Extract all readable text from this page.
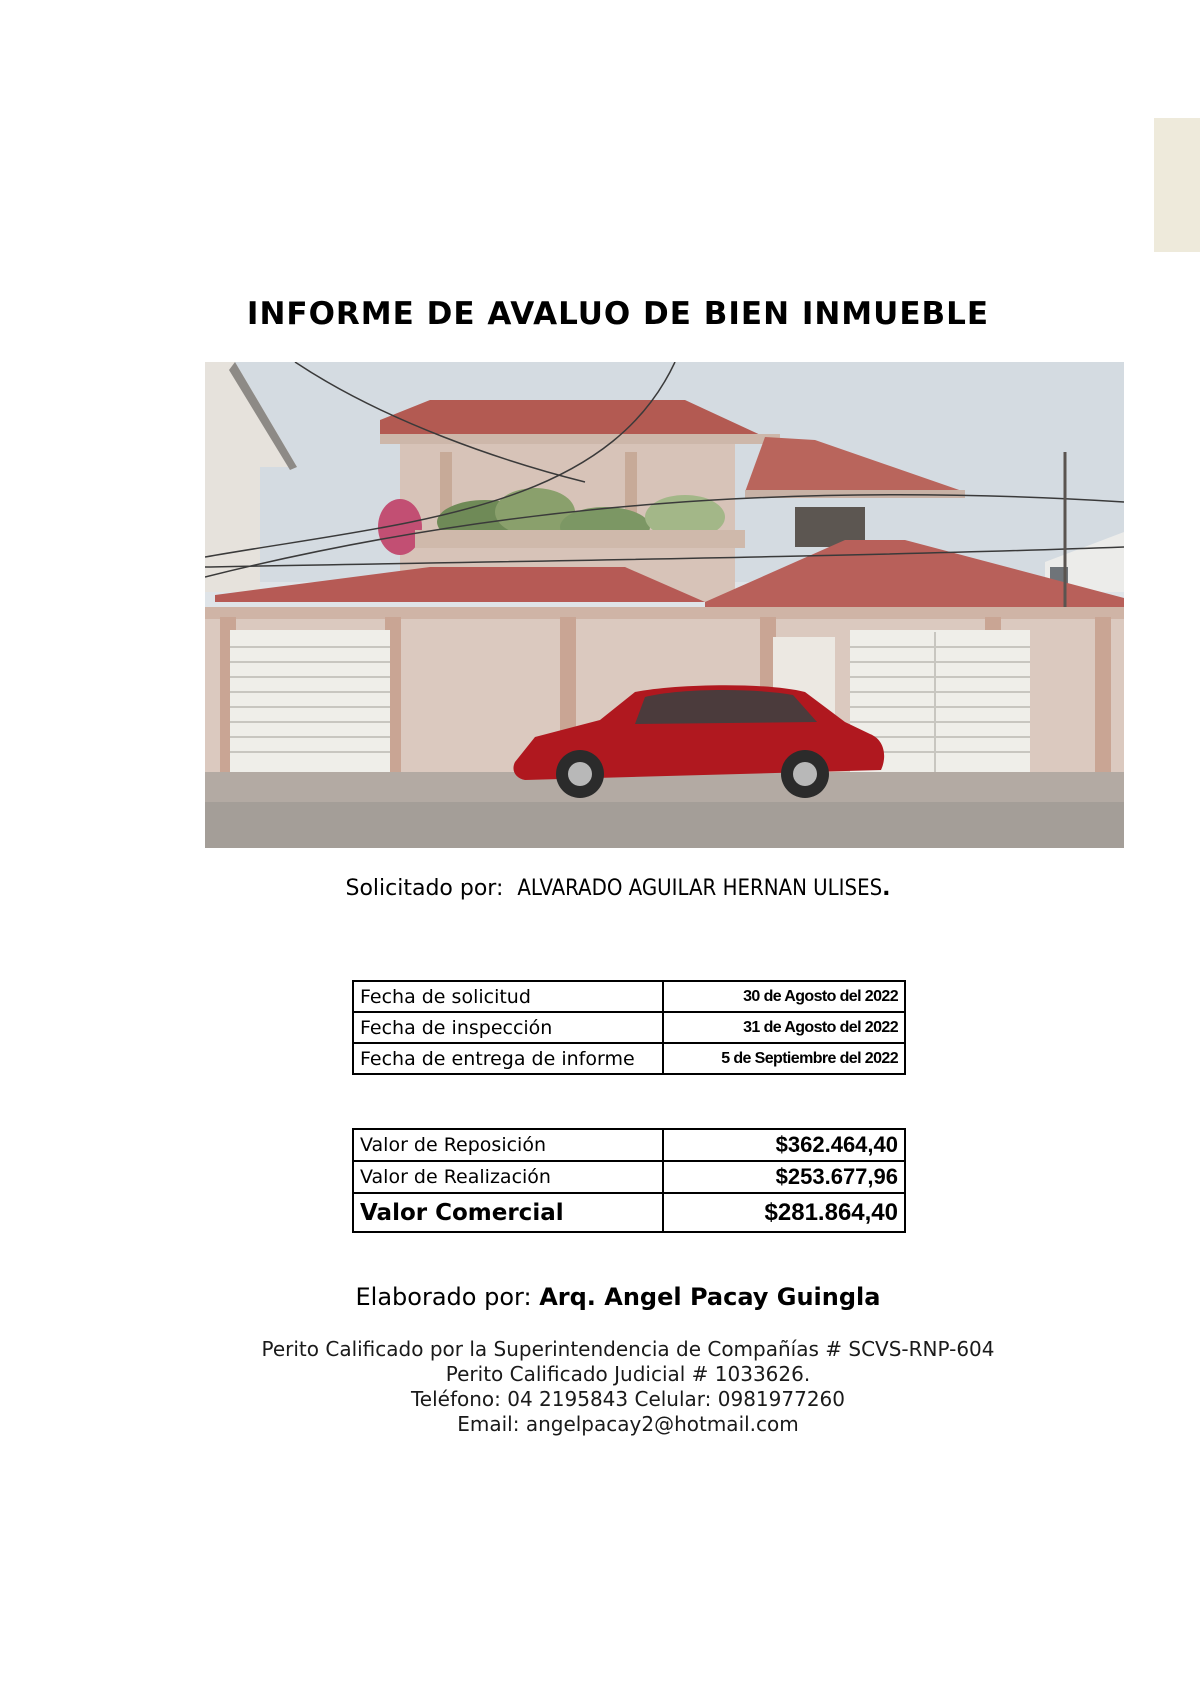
INFORME DE AVALUO DE BIEN INMUEBLE
Solicitado por: ALVARADO AGUILAR HERNAN ULISES.
Fecha de solicitud	30 de Agosto del 2022
Fecha de inspección	31 de Agosto del 2022
Fecha de entrega de informe	5 de Septiembre del 2022
Valor de Reposición	$362.464,40
Valor de Realización	$253.677,96
Valor Comercial	$281.864,40
Elaborado por: Arq. Angel Pacay Guingla
Perito Calificado por la Superintendencia de Compañías # SCVS-RNP-604
Perito Calificado Judicial # 1033626.
Teléfono: 04 2195843 Celular: 0981977260
Email: angelpacay2@hotmail.com
